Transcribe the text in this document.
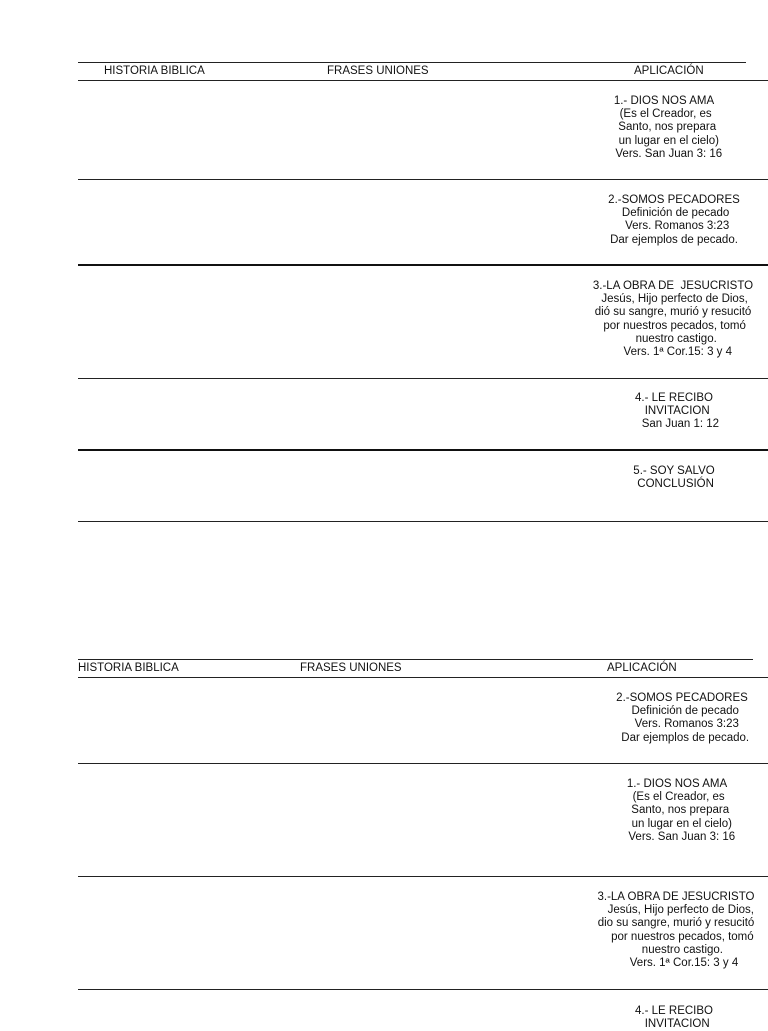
HISTORIA BIBLICA	FRASES UNIONES	APLICACIÓN
1.- DIOS NOS AMA
(Es el Creador, es
Santo, nos prepara
un lugar en el cielo)
Vers. San Juan 3: 16
2.-SOMOS PECADORES
Definición de pecado
Vers. Romanos 3:23
Dar ejemplos de pecado.
3.-LA OBRA DE  JESUCRISTO
Jesús, Hijo perfecto de Dios,
dió su sangre, murió y resucitó
por nuestros pecados, tomó
nuestro castigo.
Vers. 1ª Cor.15: 3 y 4
4.- LE RECIBO
INVITACION
San Juan 1: 12
5.- SOY SALVO
CONCLUSIÓN
HISTORIA BIBLICA	FRASES UNIONES	APLICACIÓN
2.-SOMOS PECADORES
Definición de pecado
Vers. Romanos 3:23
Dar ejemplos de pecado.
1.- DIOS NOS AMA
(Es el Creador, es
Santo, nos prepara
un lugar en el cielo)
Vers. San Juan 3: 16
3.-LA OBRA DE JESUCRISTO
Jesús, Hijo perfecto de Dios,
dio su sangre, murió y resucitó
por nuestros pecados, tomó
nuestro castigo.
Vers. 1ª Cor.15: 3 y 4
4.- LE RECIBO
INVITACION
